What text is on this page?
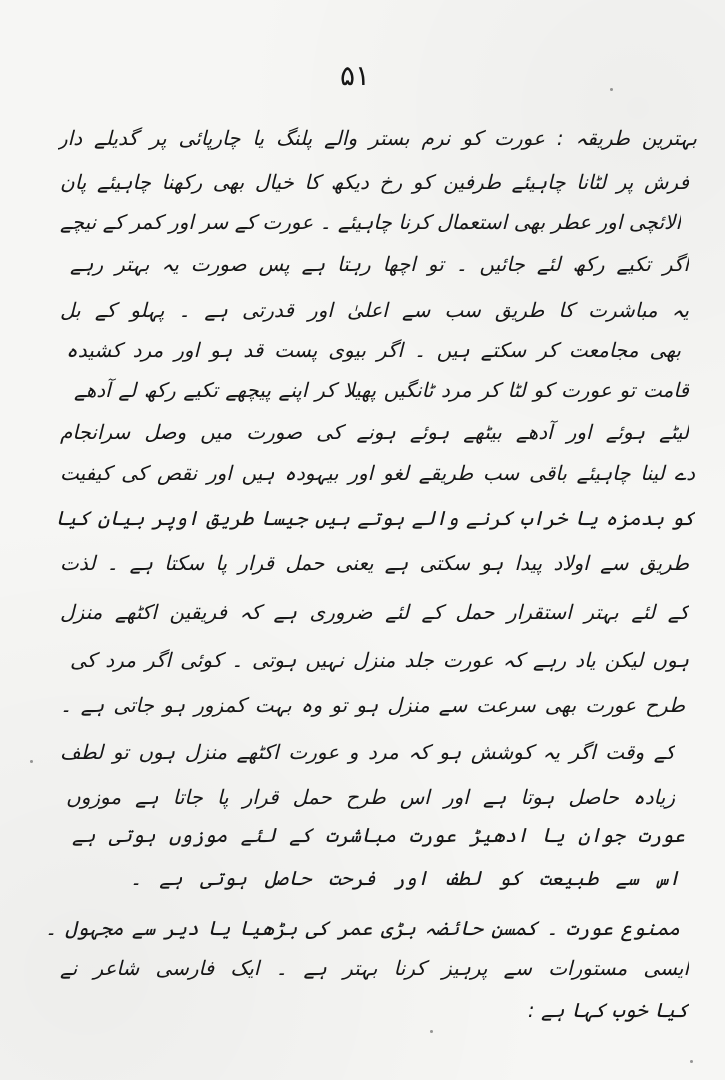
۵۱
بہترین طریقہ : عورت کو نرم بستر والے پلنگ یا چارپائی پر گدیلے دار
فرش پر لٹانا چاہیئے طرفین کو رخ دیکھ کا خیال بھی رکھنا چاہیئے پان
الائچی اور عطر بھی استعمال کرنا چاہیئے ۔ عورت کے سر اور کمر کے نیچے
اگر تکیے رکھ لئے جائیں ۔ تو اچھا رہتا ہے پس صورت یہ بہتر رہے
یہ مباشرت کا طریق سب سے اعلیٰ اور قدرتی ہے ۔ پہلو کے بل
بھی مجامعت کر سکتے ہیں ۔ اگر بیوی پست قد ہو اور مرد کشیدہ
قامت تو عورت کو لٹا کر مرد ٹانگیں پھیلا کر اپنے پیچھے تکیے رکھ لے آدھے
لیٹے ہوئے اور آدھے بیٹھے ہوئے ہونے کی صورت میں وصل سرانجام
دے لینا چاہیئے باقی سب طریقے لغو اور بیہودہ ہیں اور نقص کی کیفیت
کو بدمزہ یا خراب کرنے والے ہوتے ہیں جیسا طریق اوپر بیان کیا
طریق سے اولاد پیدا ہو سکتی ہے یعنی حمل قرار پا سکتا ہے ۔ لذت
کے لئے بہتر استقرار حمل کے لئے ضروری ہے کہ فریقین اکٹھے منزل
ہوں لیکن یاد رہے کہ عورت جلد منزل نہیں ہوتی ۔ کوئی اگر مرد کی
طرح عورت بھی سرعت سے منزل ہو تو وہ بہت کمزور ہو جاتی ہے ۔
کے وقت اگر یہ کوشش ہو کہ مرد و عورت اکٹھے منزل ہوں تو لطف
زیادہ حاصل ہوتا ہے اور اس طرح حمل قرار پا جاتا ہے موزوں
عورت جوان یا ادھیڑ عورت مباشرت کے لئے موزوں ہوتی ہے
اس سے طبیعت کو لطف اور فرحت حاصل ہوتی ہے ۔
ممنوع عورت ۔ کمسن حائضہ بڑی عمر کی بڑھیا یا دیر سے مجہول ۔
ایسی مستورات سے پرہیز کرنا بہتر ہے ۔ ایک فارسی شاعر نے
کیا خوب کہا ہے :
